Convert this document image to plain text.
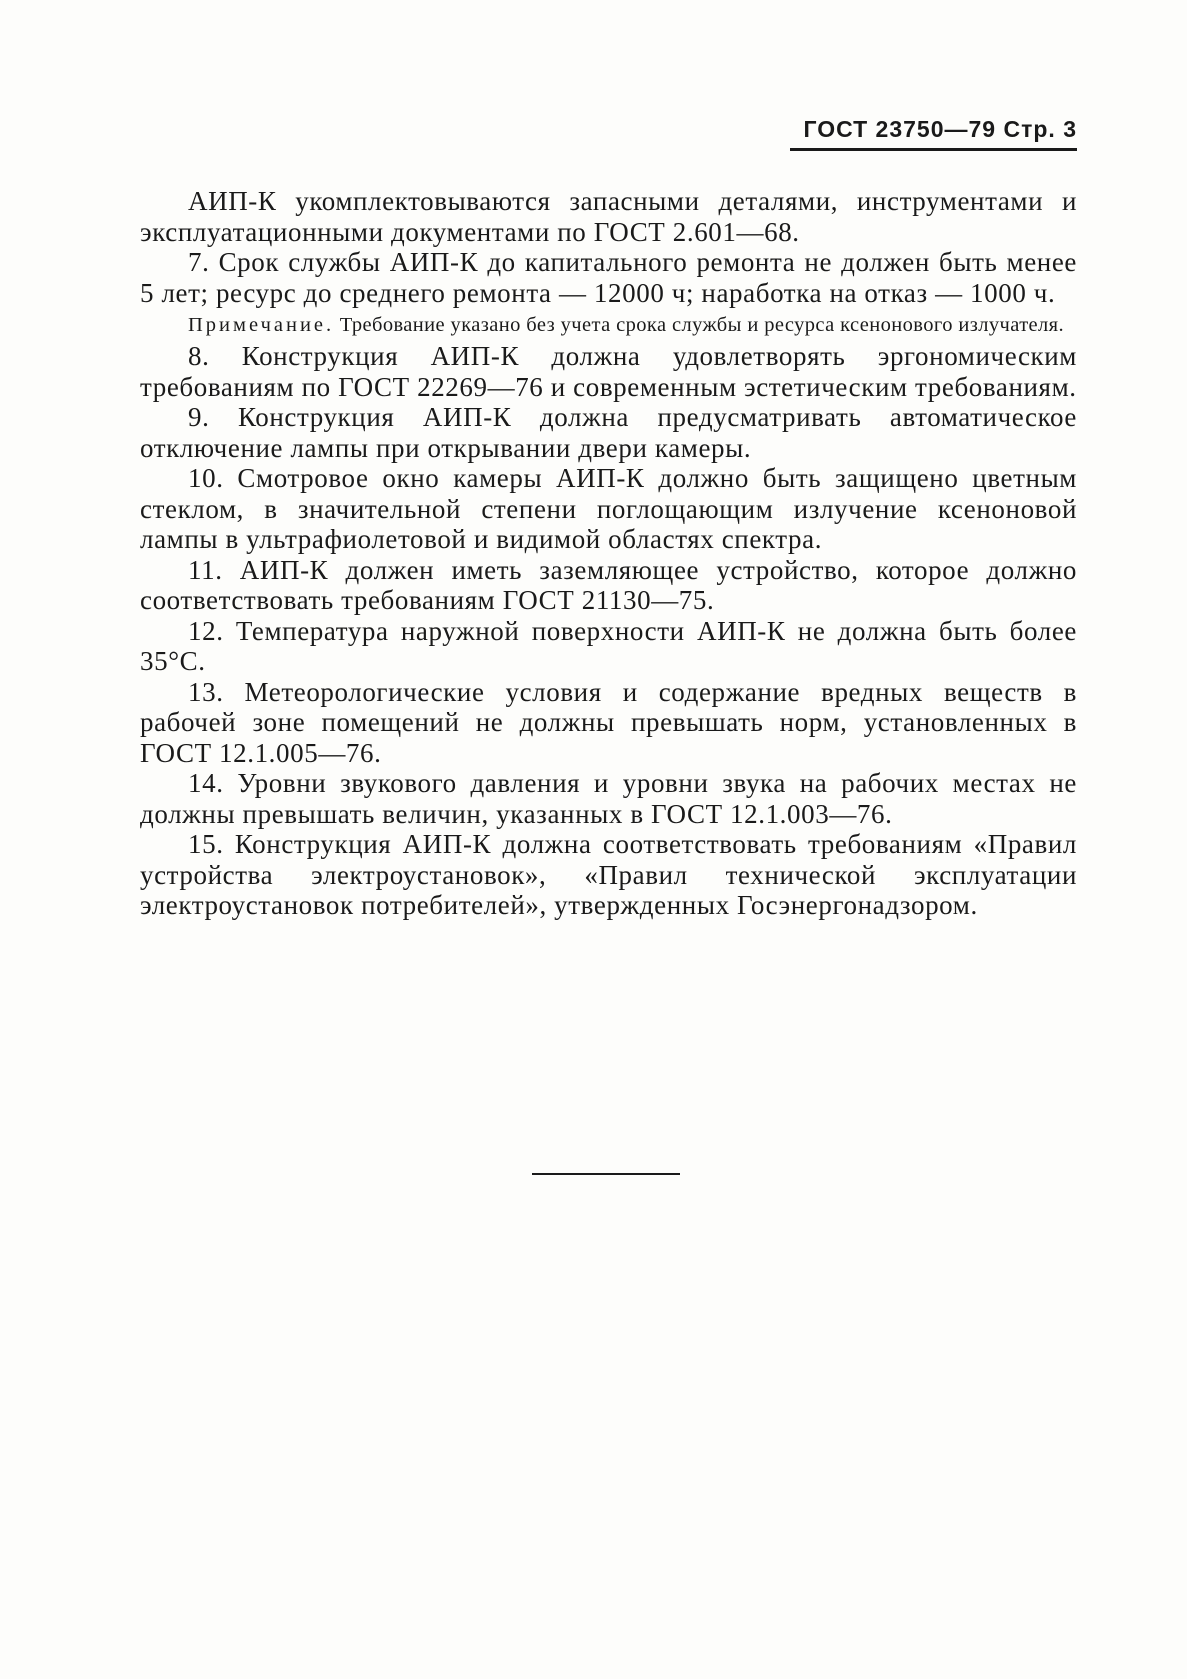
ГОСТ 23750—79 Стр. 3

АИП-К укомплектовываются запасными деталями, инструментами и эксплуатационными документами по ГОСТ 2.601—68.

7. Срок службы АИП-К до капитального ремонта не должен быть менее 5 лет; ресурс до среднего ремонта — 12000 ч; наработка на отказ — 1000 ч.

Примечание. Требование указано без учета срока службы и ресурса ксенонового излучателя.

8. Конструкция АИП-К должна удовлетворять эргономическим требованиям по ГОСТ 22269—76 и современным эстетическим требованиям.

9. Конструкция АИП-К должна предусматривать автоматическое отключение лампы при открывании двери камеры.

10. Смотровое окно камеры АИП-К должно быть защищено цветным стеклом, в значительной степени поглощающим излучение ксеноновой лампы в ультрафиолетовой и видимой областях спектра.

11. АИП-К должен иметь заземляющее устройство, которое должно соответствовать требованиям ГОСТ 21130—75.

12. Температура наружной поверхности АИП-К не должна быть более 35°С.

13. Метеорологические условия и содержание вредных веществ в рабочей зоне помещений не должны превышать норм, установленных в ГОСТ 12.1.005—76.

14. Уровни звукового давления и уровни звука на рабочих местах не должны превышать величин, указанных в ГОСТ 12.1.003—76.

15. Конструкция АИП-К должна соответствовать требованиям «Правил устройства электроустановок», «Правил технической эксплуатации электроустановок потребителей», утвержденных Госэнергонадзором.
